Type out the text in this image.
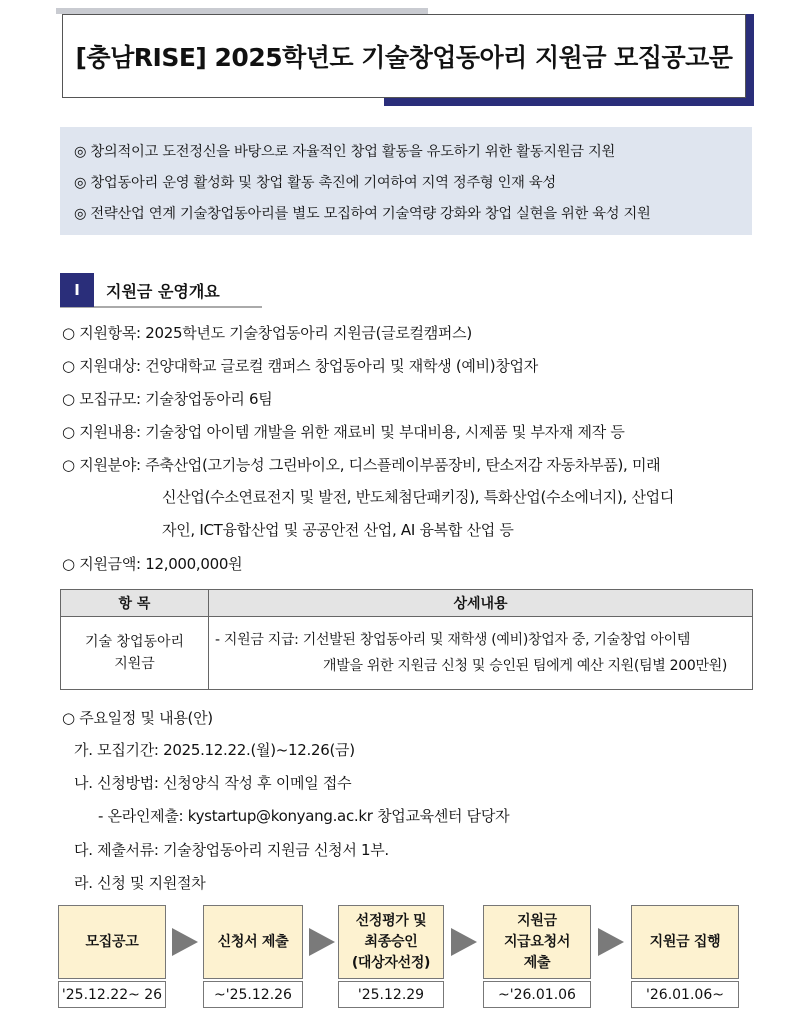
[충남RISE] 2025학년도 기술창업동아리 지원금 모집공고문
◎ 창의적이고 도전정신을 바탕으로 자율적인 창업 활동을 유도하기 위한 활동지원금 지원
◎ 창업동아리 운영 활성화 및 창업 활동 촉진에 기여하여 지역 정주형 인재 육성
◎ 전략산업 연계 기술창업동아리를 별도 모집하여 기술역량 강화와 창업 실현을 위한 육성 지원
Ⅰ	지원금 운영개요
○ 지원항목: 2025학년도 기술창업동아리 지원금(글로컬캠퍼스)
○ 지원대상: 건양대학교 글로컬 캠퍼스 창업동아리 및 재학생 (예비)창업자
○ 모집규모: 기술창업동아리 6팀
○ 지원내용: 기술창업 아이템 개발을 위한 재료비 및 부대비용, 시제품 및 부자재 제작 등
○ 지원분야: 주축산업(고기능성 그린바이오, 디스플레이부품장비, 탄소저감 자동차부품), 미래
신산업(수소연료전지 및 발전, 반도체첨단패키징), 특화산업(수소에너지), 산업디
자인, ICT융합산업 및 공공안전 산업, AI 융복합 산업 등
○ 지원금액: 12,000,000원
항 목	상세내용
기술 창업동아리
지원금	- 지원금 지급: 기선발된 창업동아리 및 재학생 (예비)창업자 중, 기술창업 아이템
개발을 위한 지원금 신청 및 승인된 팀에게 예산 지원(팀별 200만원)
○ 주요일정 및 내용(안)
가. 모집기간: 2025.12.22.(월)~12.26(금)
나. 신청방법: 신청양식 작성 후 이메일 접수
- 온라인제출: kystartup@konyang.ac.kr 창업교육센터 담당자
다. 제출서류: 기술창업동아리 지원금 신청서 1부.
라. 신청 및 지원절차
모집공고	신청서 제출
선정평가 및
최종승인
(대상자선정)
지원금
지급요청서
제출
지원금 집행
'25.12.22~ 26	~'25.12.26	'25.12.29	~'26.01.06	'26.01.06~
